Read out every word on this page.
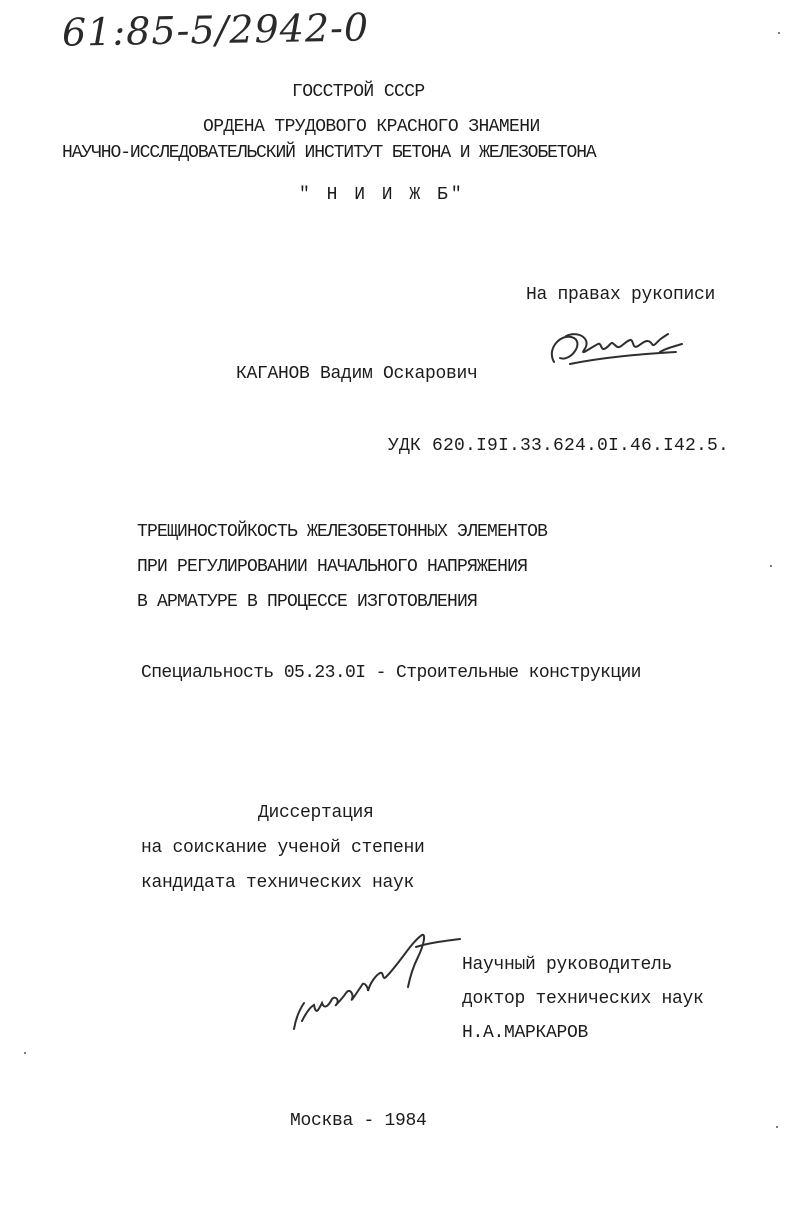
61:85-5/2942-0
ГОССТРОЙ СССР
ОРДЕНА ТРУДОВОГО КРАСНОГО ЗНАМЕНИ
НАУЧНО-ИССЛЕДОВАТЕЛЬСКИЙ ИНСТИТУТ БЕТОНА И ЖЕЛЕЗОБЕТОНА
" Н И И Ж Б"
На правах рукописи
КАГАНОВ Вадим Оскарович
УДК 620.I9I.33.624.0I.46.I42.5.
ТРЕЩИНОСТОЙКОСТЬ ЖЕЛЕЗОБЕТОННЫХ ЭЛЕМЕНТОВ
ПРИ РЕГУЛИРОВАНИИ НАЧАЛЬНОГО НАПРЯЖЕНИЯ
В АРМАТУРЕ В ПРОЦЕССЕ ИЗГОТОВЛЕНИЯ
Специальность 05.23.0I - Строительные конструкции
Диссертация
на соискание ученой степени
кандидата технических наук
Научный руководитель
доктор технических наук
Н.А.МАРКАРОВ
Москва - 1984
